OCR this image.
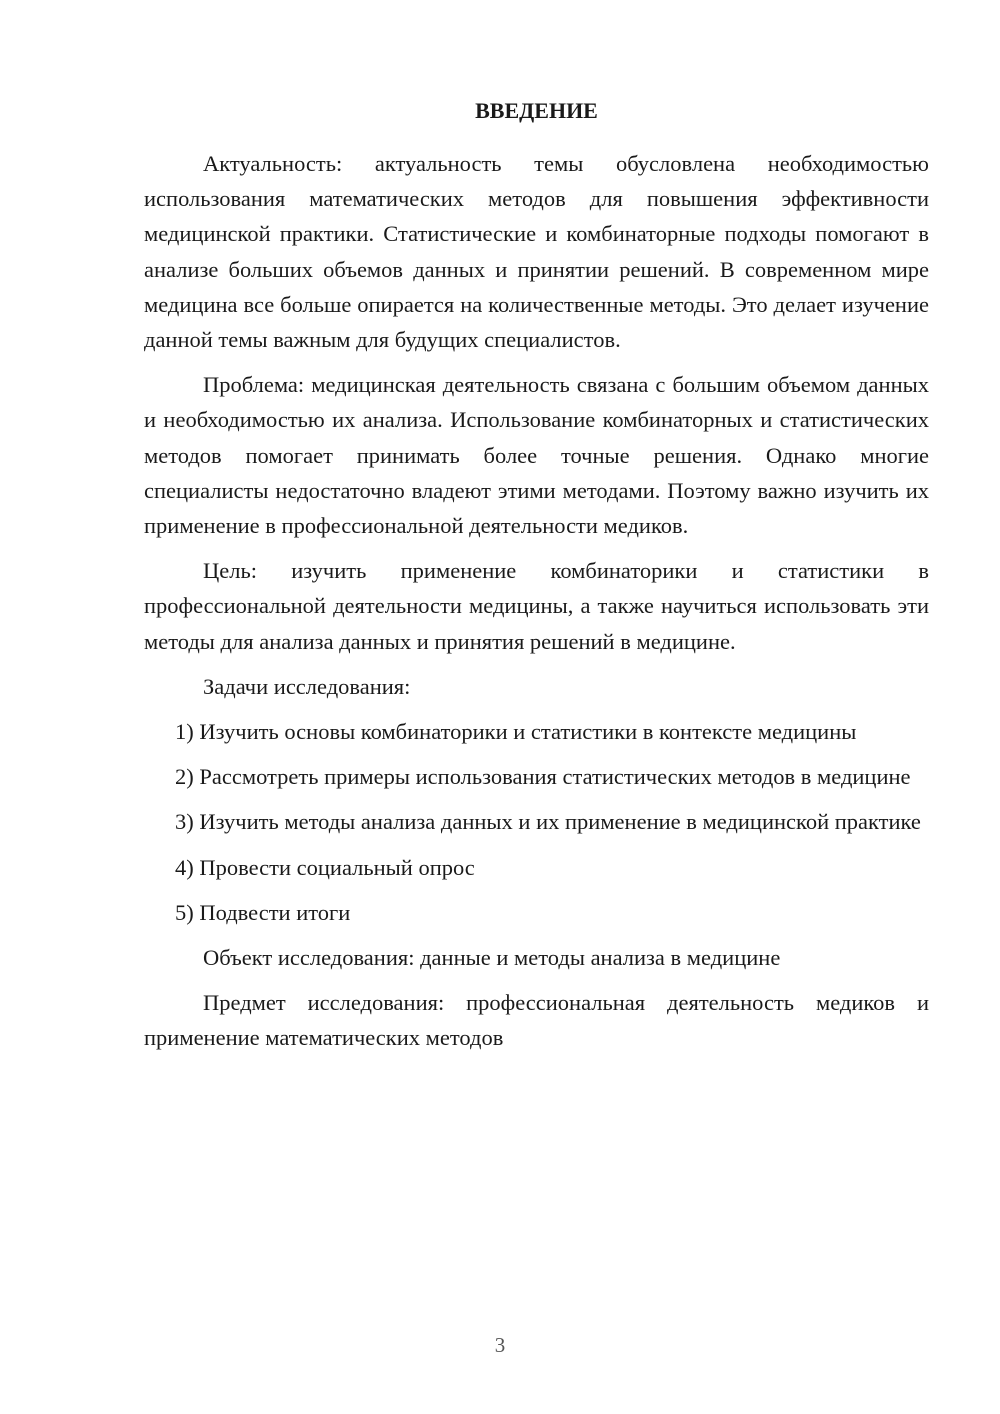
ВВЕДЕНИЕ

Актуальность: актуальность темы обусловлена необходимостью использования математических методов для повышения эффективности медицинской практики. Статистические и комбинаторные подходы помогают в анализе больших объемов данных и принятии решений. В современном мире медицина все больше опирается на количественные методы. Это делает изучение данной темы важным для будущих специалистов.

Проблема: медицинская деятельность связана с большим объемом данных и необходимостью их анализа. Использование комбинаторных и статистических методов помогает принимать более точные решения. Однако многие специалисты недостаточно владеют этими методами. Поэтому важно изучить их применение в профессиональной деятельности медиков.

Цель: изучить применение комбинаторики и статистики в профессиональной деятельности медицины, а также научиться использовать эти методы для анализа данных и принятия решений в медицине.

Задачи исследования:

1) Изучить основы комбинаторики и статистики в контексте медицины

2) Рассмотреть примеры использования статистических методов в медицине

3) Изучить методы анализа данных и их применение в медицинской практике

4) Провести социальный опрос

5) Подвести итоги

Объект исследования: данные и методы анализа в медицине

Предмет исследования: профессиональная деятельность медиков и применение математических методов

3
